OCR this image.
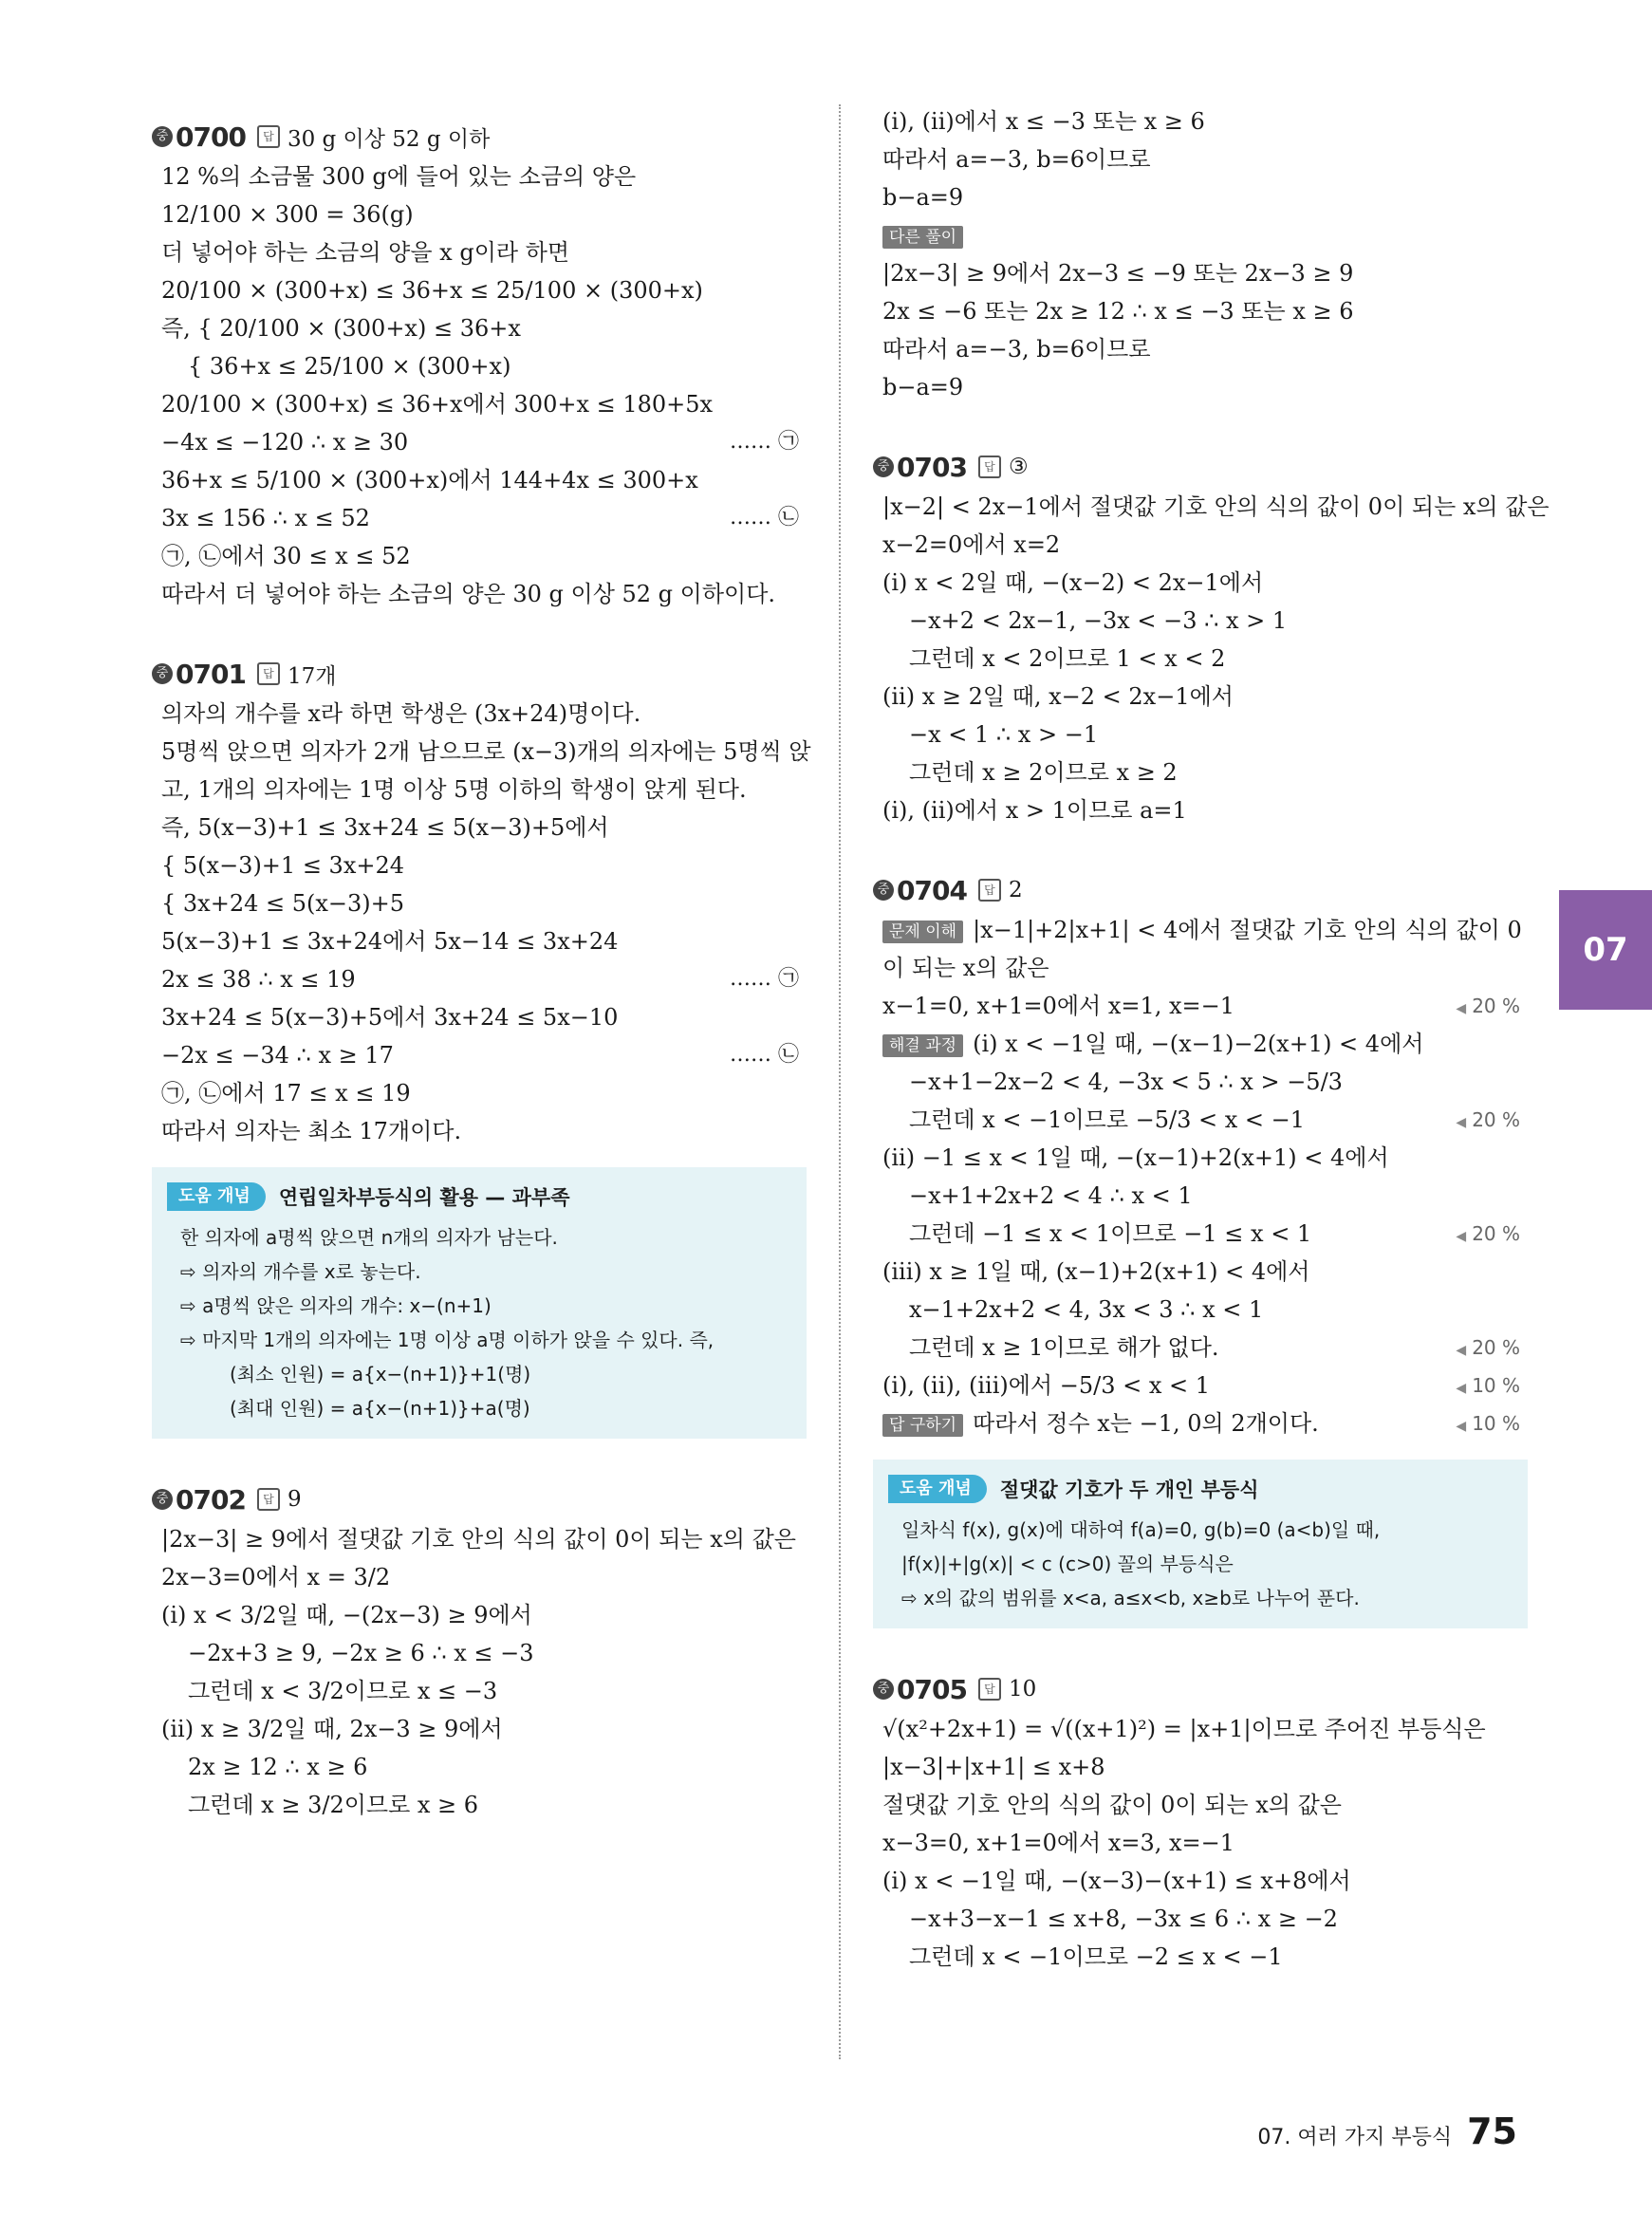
중 0700	답 30 g 이상 52 g 이하
12 %의 소금물 300 g에 들어 있는 소금의 양은
12/100 × 300 = 36(g)
더 넣어야 하는 소금의 양을 x g이라 하면
20/100 × (300+x) ≤ 36+x ≤ 25/100 × (300+x)
즉, { 20/100 × (300+x) ≤ 36+x
{ 36+x ≤ 25/100 × (300+x)
20/100 × (300+x) ≤ 36+x에서 300+x ≤ 180+5x
−4x ≤ −120 ∴ x ≥ 30	…… ㉠
36+x ≤ 5/100 × (300+x)에서 144+4x ≤ 300+x
3x ≤ 156 ∴ x ≤ 52	…… ㉡
㉠, ㉡에서 30 ≤ x ≤ 52
따라서 더 넣어야 하는 소금의 양은 30 g 이상 52 g 이하이다.
중 0701	답 17개
의자의 개수를 x라 하면 학생은 (3x+24)명이다.
5명씩 앉으면 의자가 2개 남으므로 (x−3)개의 의자에는 5명씩 앉
고, 1개의 의자에는 1명 이상 5명 이하의 학생이 앉게 된다.
즉, 5(x−3)+1 ≤ 3x+24 ≤ 5(x−3)+5에서
{ 5(x−3)+1 ≤ 3x+24
{ 3x+24 ≤ 5(x−3)+5
5(x−3)+1 ≤ 3x+24에서 5x−14 ≤ 3x+24
2x ≤ 38 ∴ x ≤ 19	…… ㉠
3x+24 ≤ 5(x−3)+5에서 3x+24 ≤ 5x−10
−2x ≤ −34 ∴ x ≥ 17	…… ㉡
㉠, ㉡에서 17 ≤ x ≤ 19
따라서 의자는 최소 17개이다.
도움 개념	연립일차부등식의 활용 — 과부족
한 의자에 a명씩 앉으면 n개의 의자가 남는다.
⇨ 의자의 개수를 x로 놓는다.
⇨ a명씩 앉은 의자의 개수: x−(n+1)
⇨ 마지막 1개의 의자에는 1명 이상 a명 이하가 앉을 수 있다. 즉,
(최소 인원) = a{x−(n+1)}+1(명)
(최대 인원) = a{x−(n+1)}+a(명)
중 0702	답 9
|2x−3| ≥ 9에서 절댓값 기호 안의 식의 값이 0이 되는 x의 값은
2x−3=0에서 x = 3/2
(i) x < 3/2일 때, −(2x−3) ≥ 9에서
−2x+3 ≥ 9, −2x ≥ 6 ∴ x ≤ −3
그런데 x < 3/2이므로 x ≤ −3
(ii) x ≥ 3/2일 때, 2x−3 ≥ 9에서
2x ≥ 12 ∴ x ≥ 6
그런데 x ≥ 3/2이므로 x ≥ 6
(i), (ii)에서 x ≤ −3 또는 x ≥ 6
따라서 a=−3, b=6이므로
b−a=9
다른 풀이
|2x−3| ≥ 9에서 2x−3 ≤ −9 또는 2x−3 ≥ 9
2x ≤ −6 또는 2x ≥ 12 ∴ x ≤ −3 또는 x ≥ 6
따라서 a=−3, b=6이므로
b−a=9
중 0703	답 ③
|x−2| < 2x−1에서 절댓값 기호 안의 식의 값이 0이 되는 x의 값은
x−2=0에서 x=2
(i) x < 2일 때, −(x−2) < 2x−1에서
−x+2 < 2x−1, −3x < −3 ∴ x > 1
그런데 x < 2이므로 1 < x < 2
(ii) x ≥ 2일 때, x−2 < 2x−1에서
−x < 1 ∴ x > −1
그런데 x ≥ 2이므로 x ≥ 2
(i), (ii)에서 x > 1이므로 a=1
중 0704	답 2
문제 이해 |x−1|+2|x+1| < 4에서 절댓값 기호 안의 식의 값이 0
이 되는 x의 값은
x−1=0, x+1=0에서 x=1, x=−1	◀ 20 %
해결 과정 (i) x < −1일 때, −(x−1)−2(x+1) < 4에서
−x+1−2x−2 < 4, −3x < 5 ∴ x > −5/3
그런데 x < −1이므로 −5/3 < x < −1	◀ 20 %
(ii) −1 ≤ x < 1일 때, −(x−1)+2(x+1) < 4에서
−x+1+2x+2 < 4 ∴ x < 1
그런데 −1 ≤ x < 1이므로 −1 ≤ x < 1	◀ 20 %
(iii) x ≥ 1일 때, (x−1)+2(x+1) < 4에서
x−1+2x+2 < 4, 3x < 3 ∴ x < 1
그런데 x ≥ 1이므로 해가 없다.	◀ 20 %
(i), (ii), (iii)에서 −5/3 < x < 1	◀ 10 %
답 구하기 따라서 정수 x는 −1, 0의 2개이다.	◀ 10 %
도움 개념	절댓값 기호가 두 개인 부등식
일차식 f(x), g(x)에 대하여 f(a)=0, g(b)=0 (a<b)일 때,
|f(x)|+|g(x)| < c (c>0) 꼴의 부등식은
⇨ x의 값의 범위를 x<a, a≤x<b, x≥b로 나누어 푼다.
중 0705	답 10
√(x²+2x+1) = √((x+1)²) = |x+1|이므로 주어진 부등식은
|x−3|+|x+1| ≤ x+8
절댓값 기호 안의 식의 값이 0이 되는 x의 값은
x−3=0, x+1=0에서 x=3, x=−1
(i) x < −1일 때, −(x−3)−(x+1) ≤ x+8에서
−x+3−x−1 ≤ x+8, −3x ≤ 6 ∴ x ≥ −2
그런데 x < −1이므로 −2 ≤ x < −1
07
07. 여러 가지 부등식 75
